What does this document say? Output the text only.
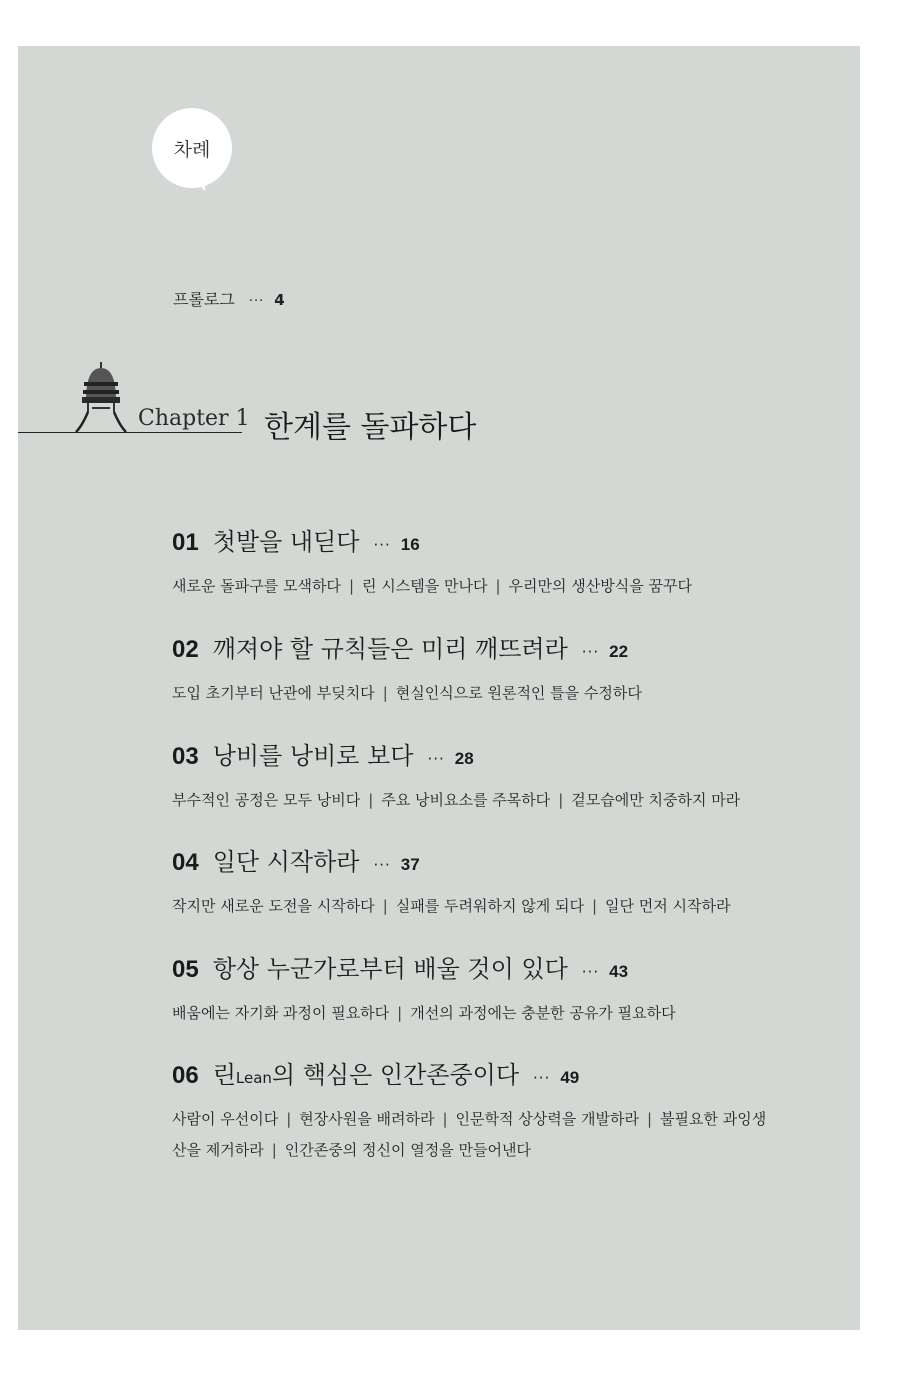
차례
프롤로그 ··· 4
Chapter 1 한계를 돌파하다
01 첫발을 내딛다 ··· 16
새로운 돌파구를 모색하다 | 린 시스템을 만나다 | 우리만의 생산방식을 꿈꾸다
02 깨져야 할 규칙들은 미리 깨뜨려라 ··· 22
도입 초기부터 난관에 부딪치다 | 현실인식으로 원론적인 틀을 수정하다
03 낭비를 낭비로 보다 ··· 28
부수적인 공정은 모두 낭비다 | 주요 낭비요소를 주목하다 | 겉모습에만 치중하지 마라
04 일단 시작하라 ··· 37
작지만 새로운 도전을 시작하다 | 실패를 두려워하지 않게 되다 | 일단 먼저 시작하라
05 항상 누군가로부터 배울 것이 있다 ··· 43
배움에는 자기화 과정이 필요하다 | 개선의 과정에는 충분한 공유가 필요하다
06 린Lean의 핵심은 인간존중이다 ··· 49
사람이 우선이다 | 현장사원을 배려하라 | 인문학적 상상력을 개발하라 | 불필요한 과잉생산을 제거하라 | 인간존중의 정신이 열정을 만들어낸다
